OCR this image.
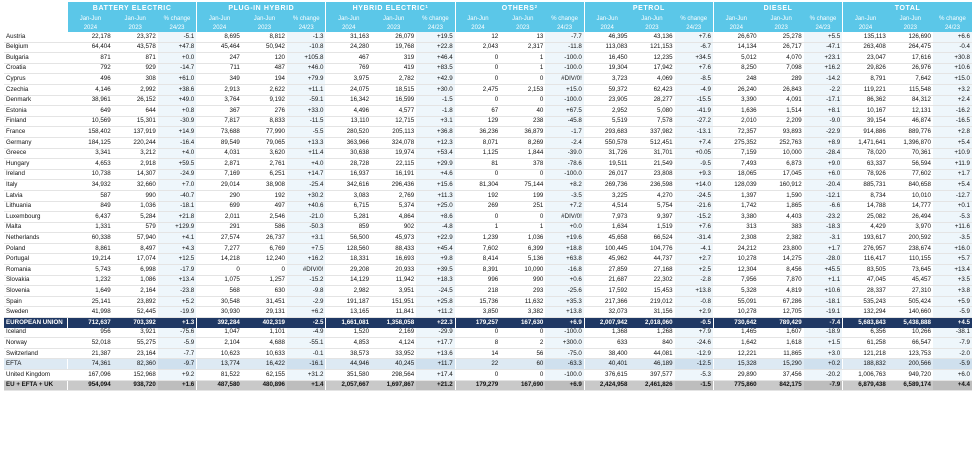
	BATTERY ELECTRIC			PLUG-IN HYBRID			HYBRID ELECTRIC$^1$			OTHERS$^2$			PETROL			DIESEL			TOTAL		
	Jan-Jun	Jan-Jun	% change	Jan-Jun	Jan-Jun	% change	Jan-Jun	Jan-Jun	% change	Jan-Jun	Jan-Jun	% change	Jan-Jun	Jan-Jun	% change	Jan-Jun	Jan-Jun	% change	Jan-Jun	Jan-Jun	% change
	2024	2023	24/23	2024	2023	24/23	2024	2023	24/23	2024	2023	24/23	2024	2023	24/23	2024	2023	24/23	2024	2023	24/23
Austria	22,178	23,372	-5.1	8,695	8,812	-1.3	31,163	26,079	+19.5	12	13	-7.7	46,395	43,136	+7.6	26,670	25,278	+5.5	135,113	126,690	+6.6
Belgium	64,404	43,578	+47.8	45,464	50,942	-10.8	24,280	19,768	+22.8	2,043	2,317	-11.8	113,083	121,153	-6.7	14,134	26,717	-47.1	263,408	264,475	-0.4
Bulgaria	871	871	+0.0	247	120	+105.8	467	319	+46.4	0	1	-100.0	16,450	12,235	+34.5	5,012	4,070	+23.1	23,047	17,616	+30.8
Croatia	792	929	-14.7	711	487	+46.0	769	419	+83.5	0	1	-100.0	19,304	17,942	+7.6	8,250	7,098	+16.2	29,826	26,976	+10.6
Cyprus	496	308	+61.0	349	194	+79.9	3,975	2,782	+42.9	0	0	#DIV/0!	3,723	4,069	-8.5	248	289	-14.2	8,791	7,642	+15.0
Czechia	4,146	2,992	+38.6	2,913	2,622	+11.1	24,075	18,515	+30.0	2,475	2,153	+15.0	59,372	62,423	-4.9	26,240	26,843	-2.2	119,221	115,548	+3.2
Denmark	38,961	26,152	+49.0	3,764	9,192	-59.1	16,342	16,599	-1.5	0	0	-100.0	23,905	28,277	-15.5	3,390	4,091	-17.1	86,362	84,312	+2.4
Estonia	649	644	+0.8	367	276	+33.0	4,496	4,577	-1.8	67	40	+67.5	2,952	5,080	-41.9	1,636	1,514	+8.1	10,167	12,131	-16.2
Finland	10,569	15,301	-30.9	7,817	8,833	-11.5	13,110	12,715	+3.1	129	238	-45.8	5,519	7,578	-27.2	2,010	2,209	-9.0	39,154	46,874	-16.5
France	158,402	137,919	+14.9	73,688	77,990	-5.5	280,520	205,113	+36.8	36,236	36,879	-1.7	293,683	337,982	-13.1	72,357	93,893	-22.9	914,886	889,776	+2.8
Germany	184,125	220,244	-16.4	89,549	79,065	+13.3	363,966	324,078	+12.3	8,071	8,269	-2.4	550,578	512,451	+7.4	275,352	252,763	+8.9	1,471,641	1,396,870	+5.4
Greece	3,341	3,212	+4.0	4,031	3,620	+11.4	30,638	19,974	+53.4	1,125	1,844	-39.0	31,726	31,701	+0.05	7,159	10,000	-28.4	78,020	70,361	+10.9
Hungary	4,653	2,918	+59.5	2,871	2,761	+4.0	28,728	22,115	+29.9	81	378	-78.6	19,511	21,549	-9.5	7,493	6,873	+9.0	63,337	56,594	+11.9
Ireland	10,738	14,307	-24.9	7,169	6,251	+14.7	16,937	16,191	+4.6	0	0	-100.0	26,017	23,808	+9.3	18,065	17,045	+6.0	78,926	77,602	+1.7
Italy	34,932	32,660	+7.0	29,014	38,908	-25.4	342,616	296,436	+15.6	81,304	75,144	+8.2	269,736	236,598	+14.0	128,039	160,912	-20.4	885,731	840,658	+5.4
Latvia	587	990	-40.7	290	192	+30.2	3,083	2,769	+11.3	192	199	-3.5	3,225	4,270	-24.5	1,397	1,590	-12.1	8,734	10,010	-12.7
Lithuania	849	1,036	-18.1	699	497	+40.6	6,715	5,374	+25.0	269	251	+7.2	4,514	5,754	-21.6	1,742	1,865	-6.6	14,788	14,777	+0.1
Luxembourg	6,437	5,284	+21.8	2,011	2,546	-21.0	5,281	4,864	+8.6	0	0	#DIV/0!	7,973	9,397	-15.2	3,380	4,403	-23.2	25,082	26,494	-5.3
Malta	1,331	579	+129.9	291	586	-50.3	859	902	-4.8	1	1	+0.0	1,634	1,519	+7.6	313	383	-18.3	4,429	3,970	+11.6
Netherlands	60,338	57,940	+4.1	27,574	26,737	+3.1	56,500	45,973	+22.9	1,239	1,036	+19.6	45,658	66,524	-31.4	2,308	2,382	-3.1	193,617	200,592	-3.5
Poland	8,861	8,497	+4.3	7,277	6,769	+7.5	128,560	88,433	+45.4	7,602	6,399	+18.8	100,445	104,776	-4.1	24,212	23,800	+1.7	276,957	238,674	+16.0
Portugal	19,214	17,074	+12.5	14,218	12,240	+16.2	18,331	16,693	+9.8	8,414	5,136	+63.8	45,962	44,737	+2.7	10,278	14,275	-28.0	116,417	110,155	+5.7
Romania	5,743	6,998	-17.9	0	0	#DIV/0!	29,208	20,933	+39.5	8,391	10,090	-16.8	27,859	27,168	+2.5	12,304	8,456	+45.5	83,505	73,645	+13.4
Slovakia	1,232	1,086	+13.4	1,075	1,257	-15.2	14,129	11,942	+18.3	996	990	+0.6	21,687	22,302	-2.8	7,956	7,870	+1.1	47,045	45,457	+3.5
Slovenia	1,649	2,164	-23.8	568	630	-9.8	2,982	3,951	-24.5	218	293	-25.6	17,592	15,453	+13.8	5,328	4,819	+10.6	28,337	27,310	+3.8
Spain	25,141	23,892	+5.2	30,548	31,451	-2.9	191,187	151,951	+25.8	15,736	11,632	+35.3	217,366	219,012	-0.8	55,091	67,286	-18.1	535,243	505,424	+5.9
Sweden	41,998	52,445	-19.9	30,930	29,131	+6.2	13,165	11,841	+11.2	3,850	3,382	+13.8	32,073	31,156	+2.9	10,278	12,705	-19.1	132,294	140,660	-5.9
EUROPEAN UNION	712,637	703,392	+1.3	392,284	402,319	-2.5	1,661,081	1,358,058	+22.3	179,257	167,630	+6.9	2,007,942	2,018,060	-0.5	730,642	789,429	-7.4	5,683,843	5,438,888	+4.5
Iceland	956	3,921	-75.6	1,047	1,101	-4.9	1,520	2,169	-29.9	0	0	-100.0	1,368	1,268	+7.9	1,465	1,607	-18.9	6,356	10,266	-38.1
Norway	52,018	55,275	-5.9	2,104	4,688	-55.1	4,853	4,124	+17.7	8	2	+300.0	633	840	-24.6	1,642	1,618	+1.5	61,258	66,547	-7.9
Switzerland	21,387	23,164	-7.7	10,623	10,633	-0.1	38,573	33,952	+13.6	14	56	-75.0	38,400	44,081	-12.9	12,221	11,865	+3.0	121,218	123,753	-2.0
EFTA	74,361	82,360	-9.7	13,774	16,422	-16.1	44,946	40,245	+11.7	22	60	-63.3	40,401	46,189	-12.5	15,328	15,290	+0.2	188,832	200,566	-5.9
United Kingdom	167,096	152,968	+9.2	81,522	62,155	+31.2	351,580	298,564	+17.4	0	0	-100.0	376,615	397,577	-5.3	29,890	37,456	-20.2	1,006,763	949,720	+6.0
EU + EFTA + UK	954,094	938,720	+1.6	487,580	480,896	+1.4	2,057,667	1,697,867	+21.2	179,279	167,690	+6.9	2,424,958	2,461,826	-1.5	775,860	842,175	-7.9	6,879,438	6,589,174	+4.4
